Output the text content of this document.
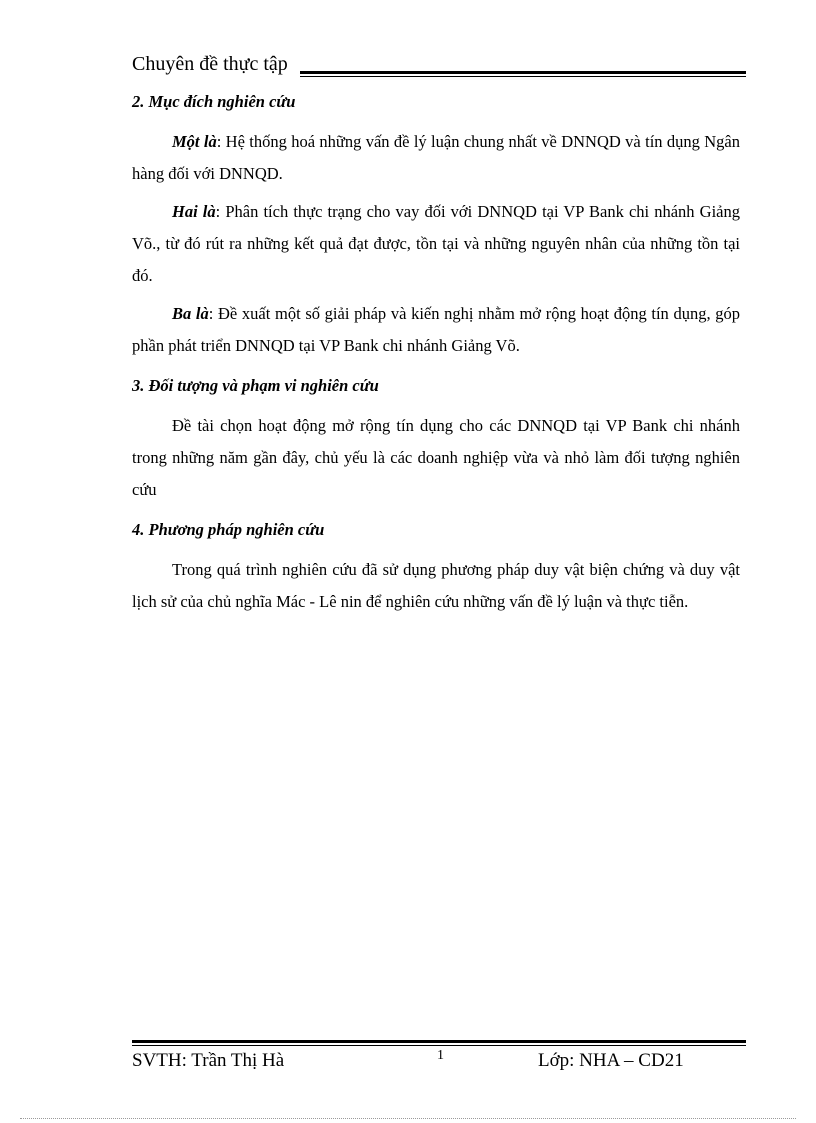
Chuyên đề thực tập

2. Mục đích nghiên cứu

Một là: Hệ thống hoá những vấn đề lý luận chung nhất về DNNQD và tín dụng Ngân hàng đối với DNNQD.

Hai là: Phân tích thực trạng cho vay đối với DNNQD tại VP Bank chi nhánh Giảng Võ., từ đó rút ra những kết quả đạt được, tồn tại và những nguyên nhân của những tồn tại đó.

Ba là: Đề xuất một số giải pháp và kiến nghị nhằm mở rộng hoạt động tín dụng, góp phần phát triển DNNQD tại VP Bank chi nhánh Giảng Võ.

3. Đối tượng và phạm vi nghiên cứu

Đề tài chọn hoạt động mở rộng tín dụng cho các DNNQD tại VP Bank chi nhánh trong những năm gần đây, chủ yếu là các doanh nghiệp vừa và nhỏ làm đối tượng nghiên cứu

4. Phương pháp nghiên cứu

Trong quá trình nghiên cứu đã sử dụng phương pháp duy vật biện chứng và duy vật lịch sử của chủ nghĩa Mác - Lê nin để nghiên cứu những vấn đề lý luận và thực tiễn.

SVTH: Trần Thị Hà	1	Lớp: NHA – CD21
